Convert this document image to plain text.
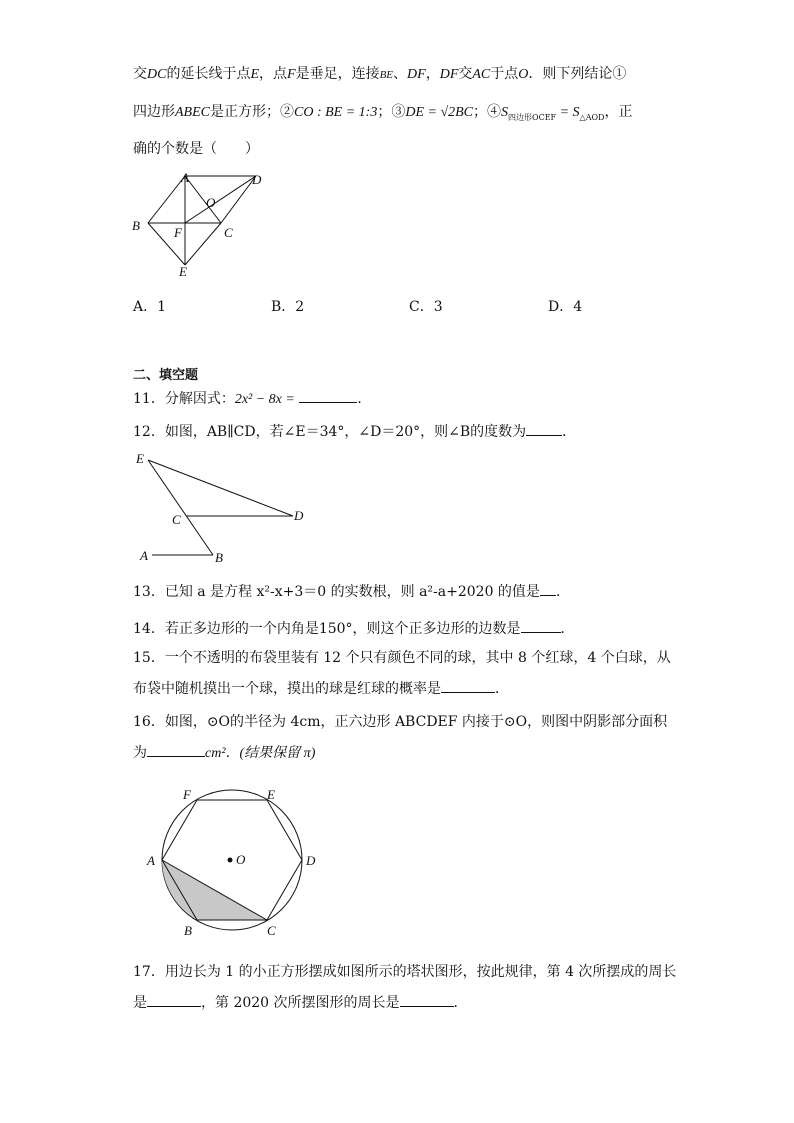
交DC的延长线于点E，点F是垂足，连接BE、DF，DF交AC于点O．则下列结论①
四边形ABEC是正方形；②CO : BE = 1:3；③DE = √2BC；$④S_{四边形OCEF} = S_{\triangle AOD}$，正
确的个数是（　　）
A	D
O
B	F	C
E
A．1	B．2	C．3	D．4
二、填空题
11．分解因式：2x² − 8x =	．
12．如图，AB∥CD，若∠E＝34°，∠D＝20°，则∠B的度数为	．
E
C	D
A	B
13．已知 a 是方程 x²-x+3＝0 的实数根，则 a²-a+2020 的值是 ．
14．若正多边形的一个内角是150°，则这个正多边形的边数是	．
15．一个不透明的布袋里装有 12 个只有颜色不同的球，其中 8 个红球，4 个白球，从
布袋中随机摸出一个球，摸出的球是红球的概率是	．
16．如图，⊙O的半径为 4cm，正六边形 ABCDEF 内接于⊙O，则图中阴影部分面积
为	cm²．(结果保留 π)
F	E
A	O	D
B	C
17．用边长为 1 的小正方形摆成如图所示的塔状图形，按此规律，第 4 次所摆成的周长
是	，第 2020 次所摆图形的周长是	．
